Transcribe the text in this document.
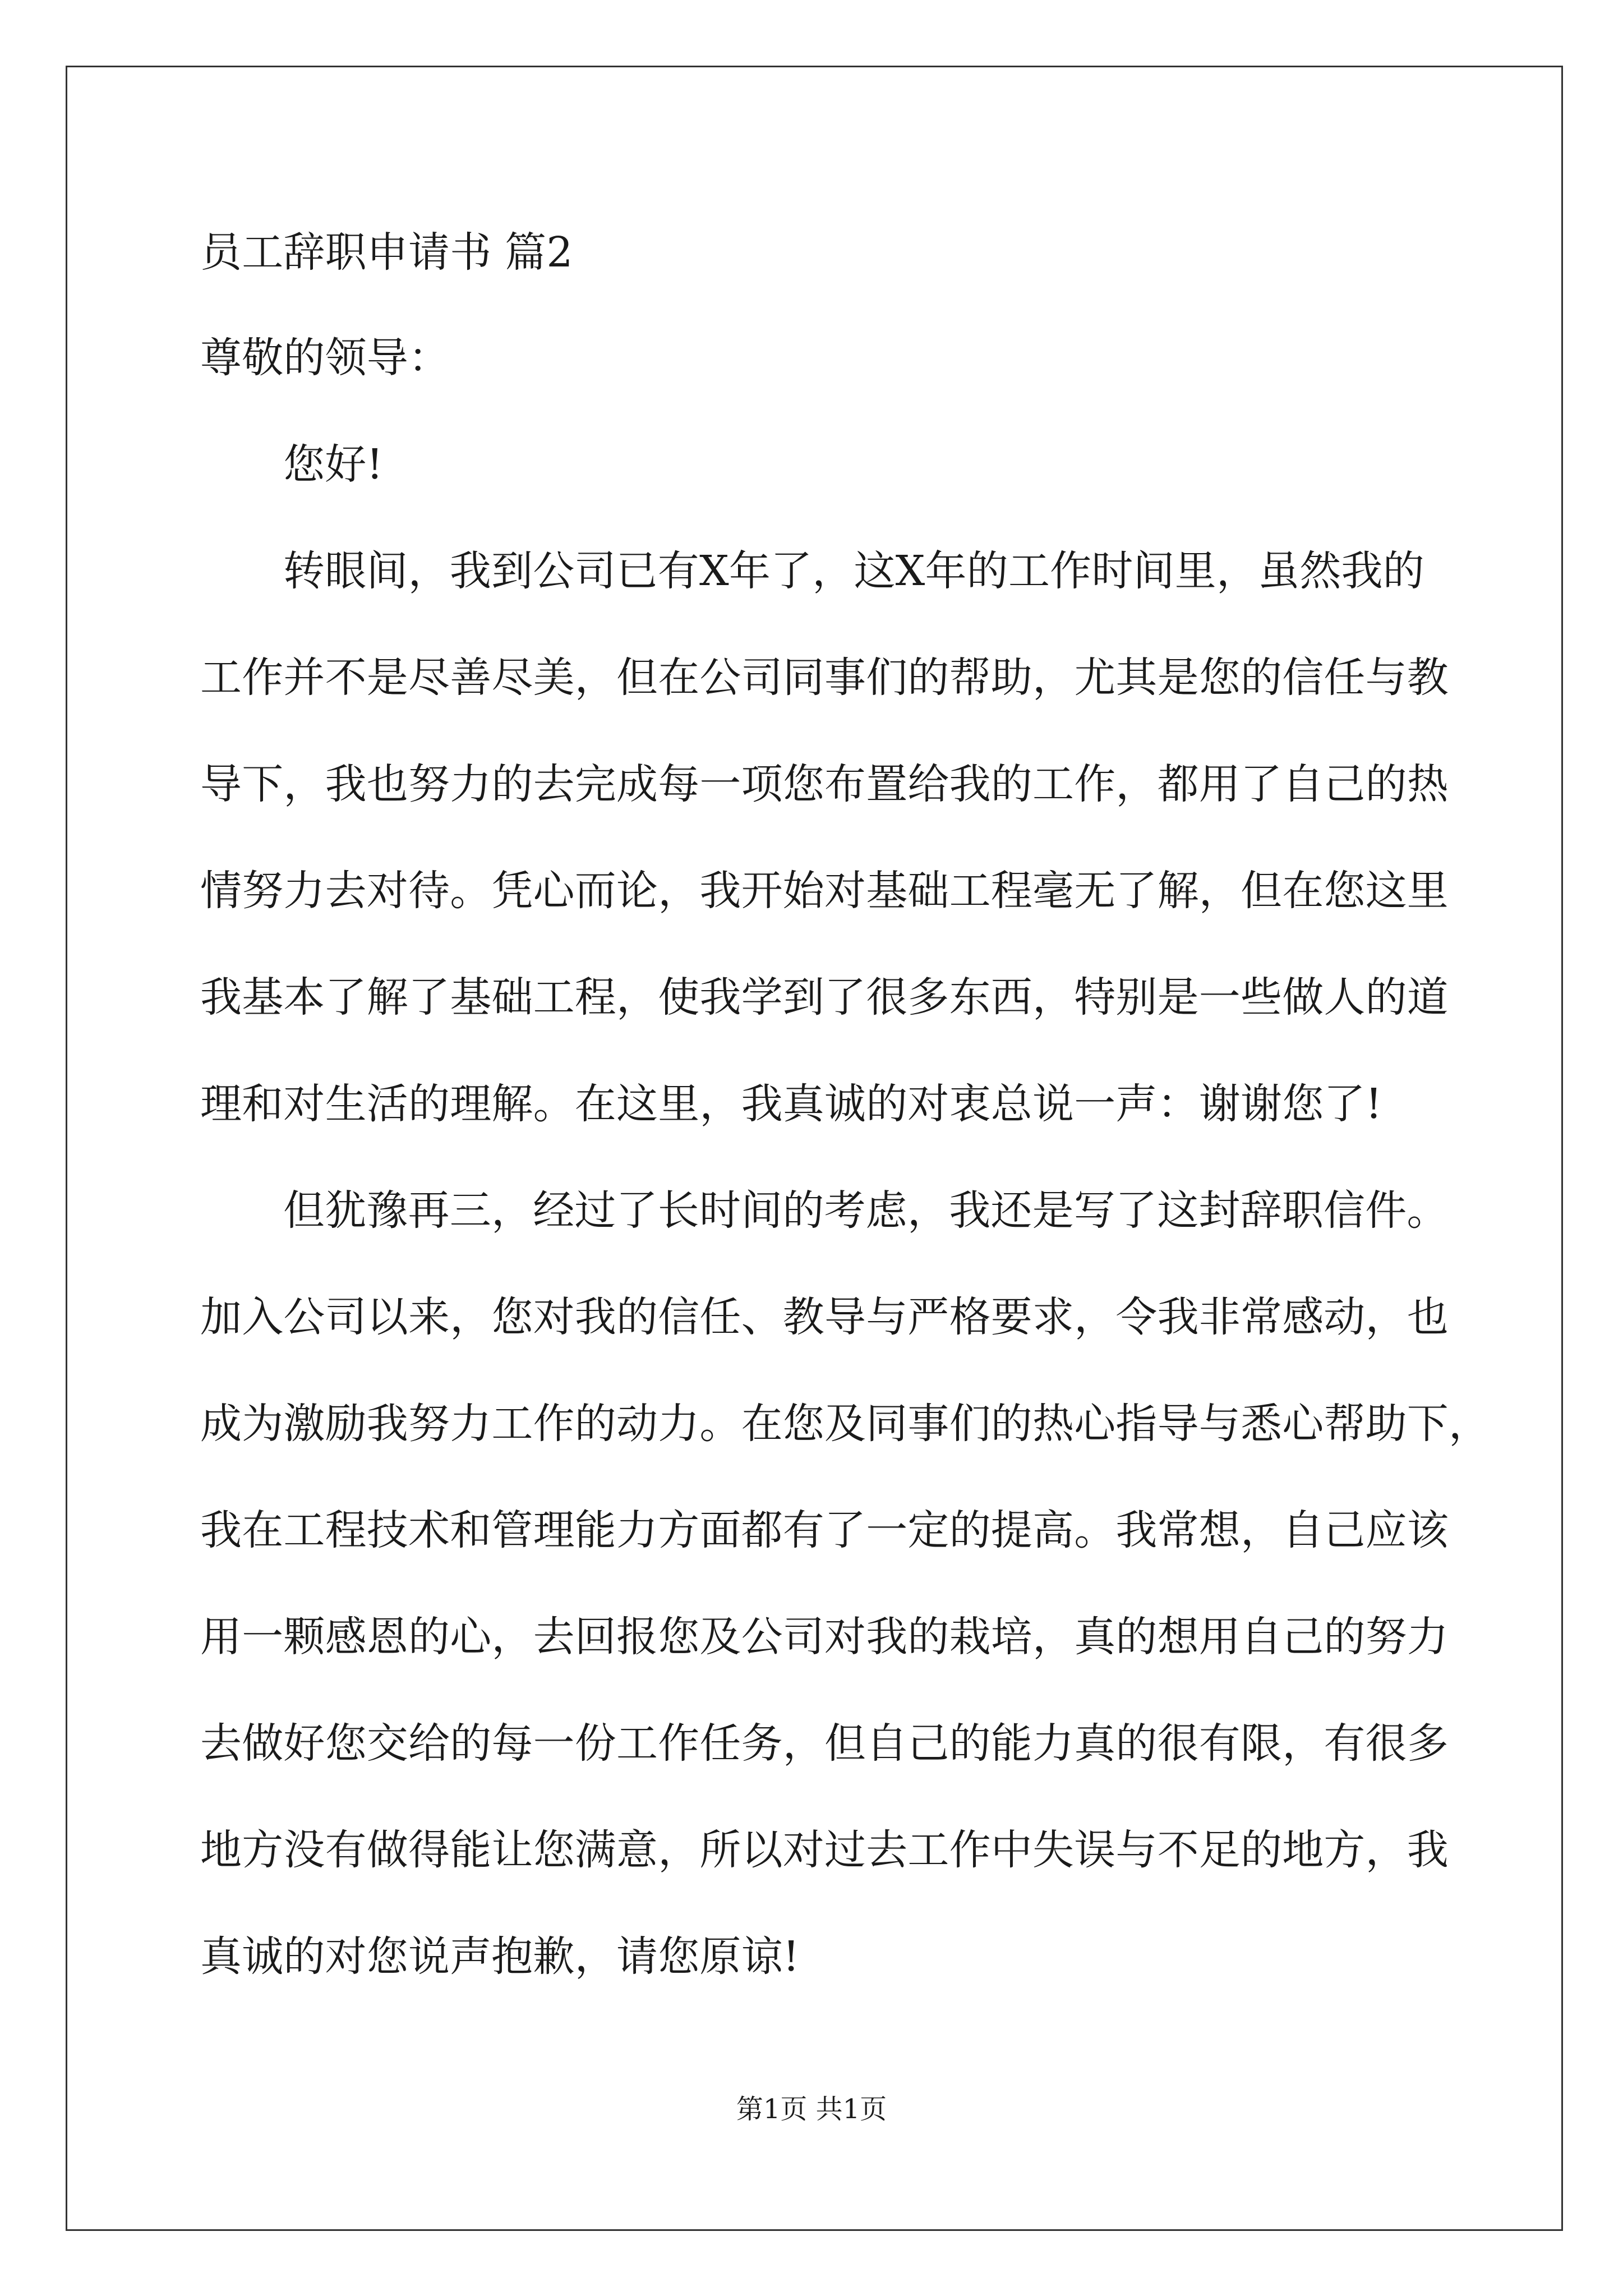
员工辞职申请书 篇2
尊敬的领导：
您好!
转眼间，我到公司已有X年了，这X年的工作时间里，虽然我的
工作并不是尽善尽美，但在公司同事们的帮助，尤其是您的信任与教
导下，我也努力的去完成每一项您布置给我的工作，都用了自己的热
情努力去对待。凭心而论，我开始对基础工程毫无了解，但在您这里
我基本了解了基础工程，使我学到了很多东西，特别是一些做人的道
理和对生活的理解。在这里，我真诚的对衷总说一声：谢谢您了!
但犹豫再三，经过了长时间的考虑，我还是写了这封辞职信件。
加入公司以来，您对我的信任、教导与严格要求，令我非常感动，也
成为激励我努力工作的动力。在您及同事们的热心指导与悉心帮助下，
我在工程技术和管理能力方面都有了一定的提高。我常想，自己应该
用一颗感恩的心，去回报您及公司对我的栽培，真的想用自己的努力
去做好您交给的每一份工作任务，但自己的能力真的很有限，有很多
地方没有做得能让您满意，所以对过去工作中失误与不足的地方，我
真诚的对您说声抱歉，请您原谅!
第1页 共1页
